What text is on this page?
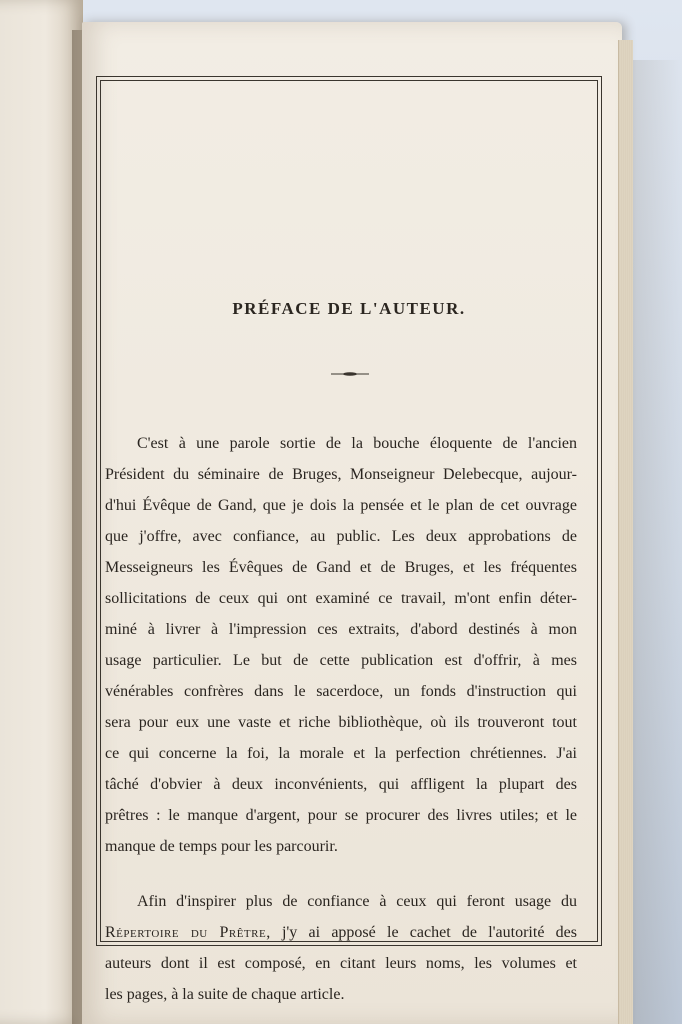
PRÉFACE DE L'AUTEUR.
C'est à une parole sortie de la bouche éloquente de l'ancien
Président du séminaire de Bruges, Monseigneur Delebecque, aujour-
d'hui Évêque de Gand, que je dois la pensée et le plan de cet ouvrage
que j'offre, avec confiance, au public. Les deux approbations de
Messeigneurs les Évêques de Gand et de Bruges, et les fréquentes
sollicitations de ceux qui ont examiné ce travail, m'ont enfin déter-
miné à livrer à l'impression ces extraits, d'abord destinés à mon
usage particulier. Le but de cette publication est d'offrir, à mes
vénérables confrères dans le sacerdoce, un fonds d'instruction qui
sera pour eux une vaste et riche bibliothèque, où ils trouveront tout
ce qui concerne la foi, la morale et la perfection chrétiennes. J'ai
tâché d'obvier à deux inconvénients, qui affligent la plupart des
prêtres : le manque d'argent, pour se procurer des livres utiles; et le
manque de temps pour les parcourir.
Afin d'inspirer plus de confiance à ceux qui feront usage du
Répertoire du Prêtre, j'y ai apposé le cachet de l'autorité des
auteurs dont il est composé, en citant leurs noms, les volumes et
les pages, à la suite de chaque article.
